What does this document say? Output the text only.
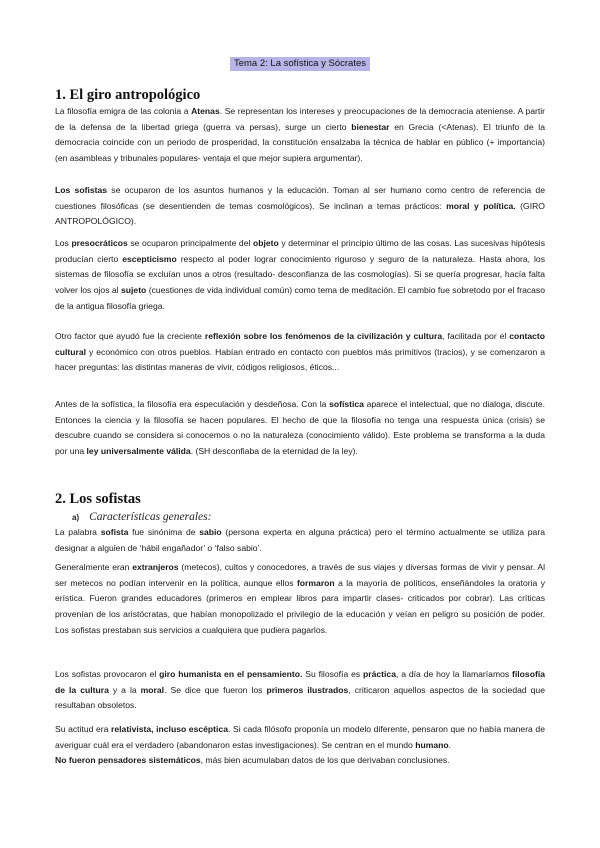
Tema 2: La sofística y Sócrates
1. El giro antropológico

La filosofía emigra de las colonia a Atenas. Se representan los intereses y preocupaciones de la democracia ateniense. A partir de la defensa de la libertad griega (guerra va persas), surge un cierto bienestar en Grecia (<Atenas). El triunfo de la democracia coincide con un periodo de prosperidad, la constitución ensalzaba la técnica de hablar en público (+ importancia) (en asambleas y tribunales populares- ventaja el que mejor supiera argumentar).

Los sofistas se ocuparon de los asuntos humanos y la educación. Toman al ser humano como centro de referencia de cuestiones filosóficas (se desentienden de temas cosmológicos). Se inclinan a temas prácticos: moral y política. (GIRO ANTROPOLÓGICO).

Los presocráticos se ocuparon principalmente del objeto y determinar el principio último de las cosas. Las sucesivas hipótesis producían cierto escepticismo respecto al poder lograr conocimiento riguroso y seguro de la naturaleza. Hasta ahora, los sistemas de filosofía se excluían unos a otros (resultado- desconfianza de las cosmologías). Si se quería progresar, hacía falta volver los ojos al sujeto (cuestiones de vida individual común) como tema de meditación. El cambio fue sobretodo por el fracaso de la antigua filosofía griega.

Otro factor que ayudó fue la creciente reflexión sobre los fenómenos de la civilización y cultura, facilitada por el contacto cultural y económico con otros pueblos. Habían entrado en contacto con pueblos más primitivos (tracios), y se comenzaron a hacer preguntas: las distintas maneras de vivir, códigos religiosos, éticos...

Antes de la sofística, la filosofía era especulación y desdeñosa. Con la sofística aparece el intelectual, que no dialoga, discute. Entonces la ciencia y la filosofía se hacen populares. El hecho de que la filosofía no tenga una respuesta única (crisis) se descubre cuando se considera si conocemos o no la naturaleza (conocimiento válido). Este problema se transforma a la duda por una ley universalmente válida. (SH desconfiaba de la eternidad de la ley).

2. Los sofistas
a) Características generales:

La palabra sofista fue sinónima de sabio (persona experta en alguna práctica) pero el término actualmente se utiliza para designar a alguien de ‘hábil engañador’ o ‘falso sabio’.

Generalmente eran extranjeros (metecos), cultos y conocedores, a través de sus viajes y diversas formas de vivir y pensar. Al ser metecos no podían intervenir en la política, aunque ellos formaron a la mayoría de políticos, enseñándoles la oratoria y erística. Fueron grandes educadores (primeros en emplear libros para impartir clases- criticados por cobrar). Las críticas provenían de los aristócratas, que habían monopolizado el privilegio de la educación y veían en peligro su posición de poder. Los sofistas prestaban sus servicios a cualquiera que pudiera pagarlos.

Los sofistas provocaron el giro humanista en el pensamiento. Su filosofía es práctica, a día de hoy la llamaríamos filosofía de la cultura y a la moral. Se dice que fueron los primeros ilustrados, criticaron aquellos aspectos de la sociedad que resultaban obsoletos.

Su actitud era relativista, incluso escéptica. Si cada filósofo proponía un modelo diferente, pensaron que no había manera de averiguar cuál era el verdadero (abandonaron estas investigaciones). Se centran en el mundo humano.
No fueron pensadores sistemáticos, más bien acumulaban datos de los que derivaban conclusiones.
